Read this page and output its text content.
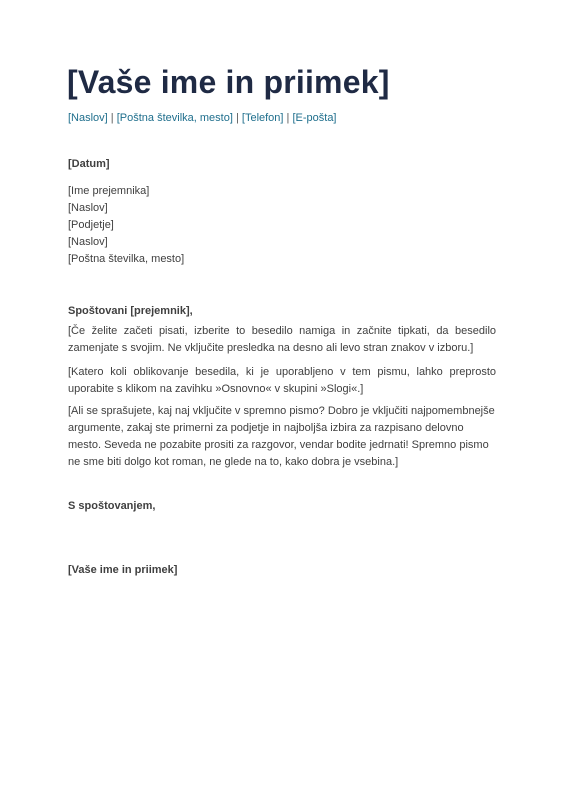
[Vaše ime in priimek]
[Naslov] | [Poštna številka, mesto] | [Telefon] | [E-pošta]
[Datum]
[Ime prejemnika]
[Naslov]
[Podjetje]
[Naslov]
[Poštna številka, mesto]
Spoštovani [prejemnik],

[Če želite začeti pisati, izberite to besedilo namiga in začnite tipkati, da besedilo zamenjate s svojim. Ne vključite presledka na desno ali levo stran znakov v izboru.]

[Katero koli oblikovanje besedila, ki je uporabljeno v tem pismu, lahko preprosto uporabite s klikom na zavihku »Osnovno« v skupini »Slogi«.]

[Ali se sprašujete, kaj naj vključite v spremno pismo? Dobro je vključiti najpomembnejše argumente, zakaj ste primerni za podjetje in najboljša izbira za razpisano delovno mesto. Seveda ne pozabite prositi za razgovor, vendar bodite jedrnati! Spremno pismo ne sme biti dolgo kot roman, ne glede na to, kako dobra je vsebina.]

S spoštovanjem,
[Vaše ime in priimek]
